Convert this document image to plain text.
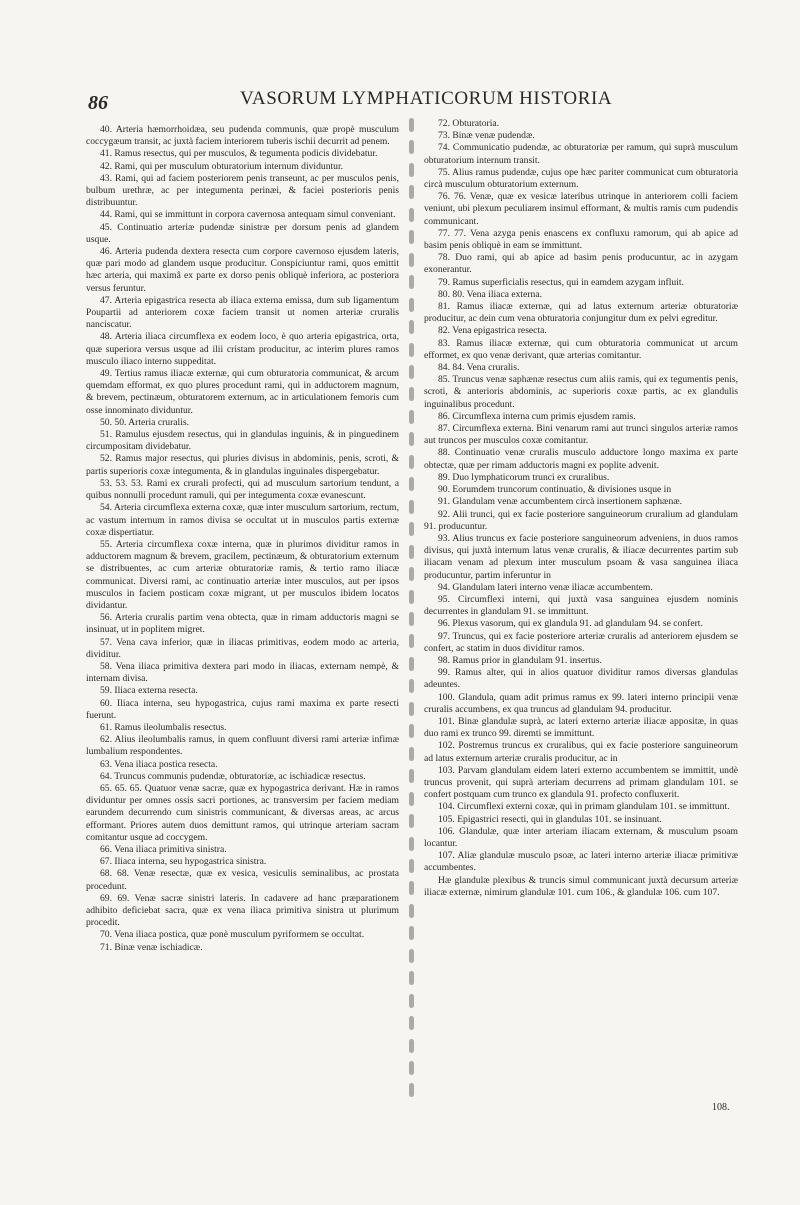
86	VASORUM LYMPHATICORUM HISTORIA

40. Arteria hæmorrhoidæa, seu pudenda communis, quæ propè musculum coccygæum transit, ac juxtà faciem interiorem tuberis ischii decurrit ad penem.

41. Ramus resectus, qui per musculos, & tegumenta podicis dividebatur.

42. Rami, qui per musculum obturatorium internum dividuntur.

43. Rami, qui ad faciem posteriorem penis transeunt, ac per musculos penis, bulbum urethræ, ac per integumenta perinæi, & faciei posterioris penis distribuuntur.

44. Rami, qui se immittunt in corpora cavernosa antequam simul conveniant.

45. Continuatio arteriæ pudendæ sinistræ per dorsum penis ad glandem usque.

46. Arteria pudenda dextera resecta cum corpore cavernoso ejusdem lateris, quæ pari modo ad glandem usque producitur. Conspiciuntur rami, quos emittit hæc arteria, qui maximâ ex parte ex dorso penis obliquè inferiora, ac posteriora versus feruntur.

47. Arteria epigastrica resecta ab iliaca externa emissa, dum sub ligamentum Poupartii ad anteriorem coxæ faciem transit ut nomen arteriæ cruralis nanciscatur.

48. Arteria iliaca circumflexa ex eodem loco, è quo arteria epigastrica, orta, quæ superiora versus usque ad ilii cristam producitur, ac interim plures ramos musculo iliaco interno suppeditat.

49. Tertius ramus iliacæ externæ, qui cum obturatoria communicat, & arcum quemdam efformat, ex quo plures procedunt rami, qui in adductorem magnum, & brevem, pectinæum, obturatorem externum, ac in articulationem femoris cum osse innominato dividuntur.

50. 50. Arteria cruralis.

51. Ramulus ejusdem resectus, qui in glandulas inguinis, & in pinguedinem circumpositam dividebatur.

52. Ramus major resectus, qui pluries divisus in abdominis, penis, scroti, & partis superioris coxæ integumenta, & in glandulas inguinales dispergebatur.

53. 53. 53. Rami ex crurali profecti, qui ad musculum sartorium tendunt, a quibus nonnulli procedunt ramuli, qui per integumenta coxæ evanescunt.

54. Arteria circumflexa externa coxæ, quæ inter musculum sartorium, rectum, ac vastum internum in ramos divisa se occultat ut in musculos partis externæ coxæ dispertiatur.

55. Arteria circumflexa coxæ interna, quæ in plurimos dividitur ramos in adductorem magnum & brevem, gracilem, pectinæum, & obturatorium externum se distribuentes, ac cum arteriæ obturatoriæ ramis, & tertio ramo iliacæ communicat. Diversi rami, ac continuatio arteriæ inter musculos, aut per ipsos musculos in faciem posticam coxæ migrant, ut per musculos ibidem locatos dividantur.

56. Arteria cruralis partim vena obtecta, quæ in rimam adductoris magni se insinuat, ut in poplitem migret.

57. Vena cava inferior, quæ in iliacas primitivas, eodem modo ac arteria, dividitur.

58. Vena iliaca primitiva dextera pari modo in iliacas, externam nempè, & internam divisa.

59. Iliaca externa resecta.

60. Iliaca interna, seu hypogastrica, cujus rami maxima ex parte resecti fuerunt.

61. Ramus ileolumbalis resectus.

62. Alius ileolumbalis ramus, in quem confluunt diversi rami arteriæ infimæ lumbalium respondentes.

63. Vena iliaca postica resecta.

64. Truncus communis pudendæ, obturatoriæ, ac ischiadicæ resectus.

65. 65. 65. Quatuor venæ sacræ, quæ ex hypogastrica derivant. Hæ in ramos dividuntur per omnes ossis sacri portiones, ac transversim per faciem mediam earundem decurrendo cum sinistris communicant, & diversas areas, ac arcus efformant. Priores autem duos demittunt ramos, qui utrinque arteriam sacram comitantur usque ad coccygem.

66. Vena iliaca primitiva sinistra.

67. Iliaca interna, seu hypogastrica sinistra.

68. 68. Venæ resectæ, quæ ex vesica, vesiculis seminalibus, ac prostata procedunt.

69. 69. Venæ sacræ sinistri lateris. In cadavere ad hanc præparationem adhibito deficiebat sacra, quæ ex vena iliaca primitiva sinistra ut plurimum procedit.

70. Vena iliaca postica, quæ ponè musculum pyriformem se occultat.

71. Binæ venæ ischiadicæ.

72. Obturatoria.

73. Binæ venæ pudendæ.

74. Communicatio pudendæ, ac obturatoriæ per ramum, qui suprà musculum obturatorium internum transit.

75. Alius ramus pudendæ, cujus ope hæc pariter communicat cum obturatoria circà musculum obturatorium externum.

76. 76. Venæ, quæ ex vesicæ lateribus utrinque in anteriorem colli faciem veniunt, ubi plexum peculiarem insimul efformant, & multis ramis cum pudendis communicant.

77. 77. Vena azyga penis enascens ex confluxu ramorum, qui ab apice ad basim penis obliquè in eam se immittunt.

78. Duo rami, qui ab apice ad basim penis producuntur, ac in azygam exonerantur.

79. Ramus superficialis resectus, qui in eamdem azygam influit.

80. 80. Vena iliaca externa.

81. Ramus iliacæ externæ, qui ad latus externum arteriæ obturatoriæ producitur, ac dein cum vena obturatoria conjungitur dum ex pelvi egreditur.

82. Vena epigastrica resecta.

83. Ramus iliacæ externæ, qui cum obturatoria communicat ut arcum efformet, ex quo venæ derivant, quæ arterias comitantur.

84. 84. Vena cruralis.

85. Truncus venæ saphænæ resectus cum aliis ramis, qui ex tegumentis penis, scroti, & anterioris abdominis, ac superioris coxæ partis, ac ex glandulis inguinalibus procedunt.

86. Circumflexa interna cum primis ejusdem ramis.

87. Circumflexa externa. Bini venarum rami aut trunci singulos arteriæ ramos aut truncos per musculos coxæ comitantur.

88. Continuatio venæ cruralis musculo adductore longo maxima ex parte obtectæ, quæ per rimam adductoris magni ex poplite advenit.

89. Duo lymphaticorum trunci ex cruralibus.

90. Eorumdem truncorum continuatio, & divisiones usque in

91. Glandulam venæ accumbentem circà insertionem saphænæ.

92. Alii trunci, qui ex facie posteriore sanguineorum cruralium ad glandulam 91. producuntur.

93. Alius truncus ex facie posteriore sanguineorum adveniens, in duos ramos divisus, qui juxtà internum latus venæ cruralis, & iliacæ decurrentes partim sub iliacam venam ad plexum inter musculum psoam & vasa sanguinea iliaca producuntur, partim inferuntur in

94. Glandulam lateri interno venæ iliacæ accumbentem.

95. Circumflexi interni, qui juxtà vasa sanguinea ejusdem nominis decurrentes in glandulam 91. se immittunt.

96. Plexus vasorum, qui ex glandula 91. ad glandulam 94. se confert.

97. Truncus, qui ex facie posteriore arteriæ cruralis ad anteriorem ejusdem se confert, ac statim in duos dividitur ramos.

98. Ramus prior in glandulam 91. insertus.

99. Ramus alter, qui in alios quatuor dividitur ramos diversas glandulas adeuntes.

100. Glandula, quam adit primus ramus ex 99. lateri interno principii venæ cruralis accumbens, ex qua truncus ad glandulam 94. producitur.

101. Binæ glandulæ suprà, ac lateri externo arteriæ iliacæ appositæ, in quas duo rami ex trunco 99. diremti se immittunt.

102. Postremus truncus ex cruralibus, qui ex facie posteriore sanguineorum ad latus externum arteriæ cruralis producitur, ac in

103. Parvam glandulam eidem lateri externo accumbentem se immittit, undè truncus provenit, qui suprà arteriam decurrens ad primam glandulam 101. se confert postquam cum trunco ex glandula 91. profecto confluxerit.

104. Circumflexi externi coxæ, qui in primam glandulam 101. se immittunt.

105. Epigastrici resecti, qui in glandulas 101. se insinuant.

106. Glandulæ, quæ inter arteriam iliacam externam, & musculum psoam locantur.

107. Aliæ glandulæ musculo psoæ, ac lateri interno arteriæ iliacæ primitivæ accumbentes.

Hæ glandulæ plexibus & truncis simul communicant juxtà decursum arteriæ iliacæ externæ, nimirum glandulæ 101. cum 106., & glandulæ 106. cum 107.

108.
